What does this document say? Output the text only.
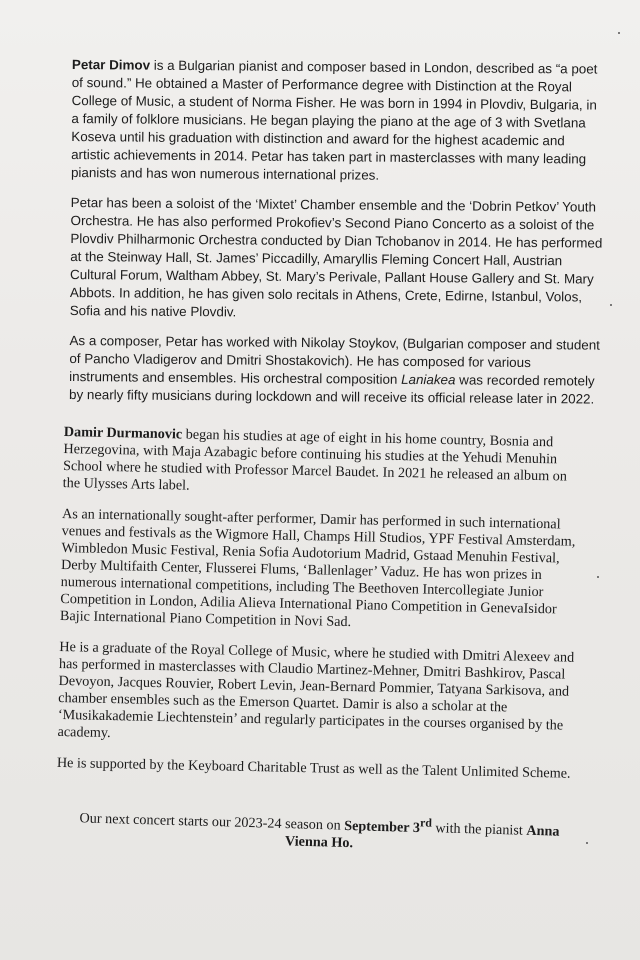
Petar Dimov is a Bulgarian pianist and composer based in London, described as “a poet of sound.” He obtained a Master of Performance degree with Distinction at the Royal College of Music, a student of Norma Fisher. He was born in 1994 in Plovdiv, Bulgaria, in a family of folklore musicians. He began playing the piano at the age of 3 with Svetlana Koseva until his graduation with distinction and award for the highest academic and artistic achievements in 2014. Petar has taken part in masterclasses with many leading pianists and has won numerous international prizes.

Petar has been a soloist of the ‘Mixtet’ Chamber ensemble and the ‘Dobrin Petkov’ Youth Orchestra. He has also performed Prokofiev’s Second Piano Concerto as a soloist of the Plovdiv Philharmonic Orchestra conducted by Dian Tchobanov in 2014. He has performed at the Steinway Hall, St. James’ Piccadilly, Amaryllis Fleming Concert Hall, Austrian Cultural Forum, Waltham Abbey, St. Mary’s Perivale, Pallant House Gallery and St. Mary Abbots. In addition, he has given solo recitals in Athens, Crete, Edirne, Istanbul, Volos, Sofia and his native Plovdiv.

As a composer, Petar has worked with Nikolay Stoykov, (Bulgarian composer and student of Pancho Vladigerov and Dmitri Shostakovich). He has composed for various instruments and ensembles. His orchestral composition Laniakea was recorded remotely by nearly fifty musicians during lockdown and will receive its official release later in 2022.

Damir Durmanovic began his studies at age of eight in his home country, Bosnia and Herzegovina, with Maja Azabagic before continuing his studies at the Yehudi Menuhin School where he studied with Professor Marcel Baudet. In 2021 he released an album on the Ulysses Arts label.

As an internationally sought-after performer, Damir has performed in such international venues and festivals as the Wigmore Hall, Champs Hill Studios, YPF Festival Amsterdam, Wimbledon Music Festival, Renia Sofia Audotorium Madrid, Gstaad Menuhin Festival, Derby Multifaith Center, Flusserei Flums, ‘Ballenlager’ Vaduz. He has won prizes in numerous international competitions, including The Beethoven Intercollegiate Junior Competition in London, Adilia Alieva International Piano Competition in GenevaIsidor Bajic International Piano Competition in Novi Sad.

He is a graduate of the Royal College of Music, where he studied with Dmitri Alexeev and has performed in masterclasses with Claudio Martinez-Mehner, Dmitri Bashkirov, Pascal Devoyon, Jacques Rouvier, Robert Levin, Jean-Bernard Pommier, Tatyana Sarkisova, and chamber ensembles such as the Emerson Quartet. Damir is also a scholar at the ‘Musikakademie Liechtenstein’ and regularly participates in the courses organised by the academy.

He is supported by the Keyboard Charitable Trust as well as the Talent Unlimited Scheme.

Our next concert starts our 2023-24 season on September 3rd with the pianist Anna Vienna Ho.
